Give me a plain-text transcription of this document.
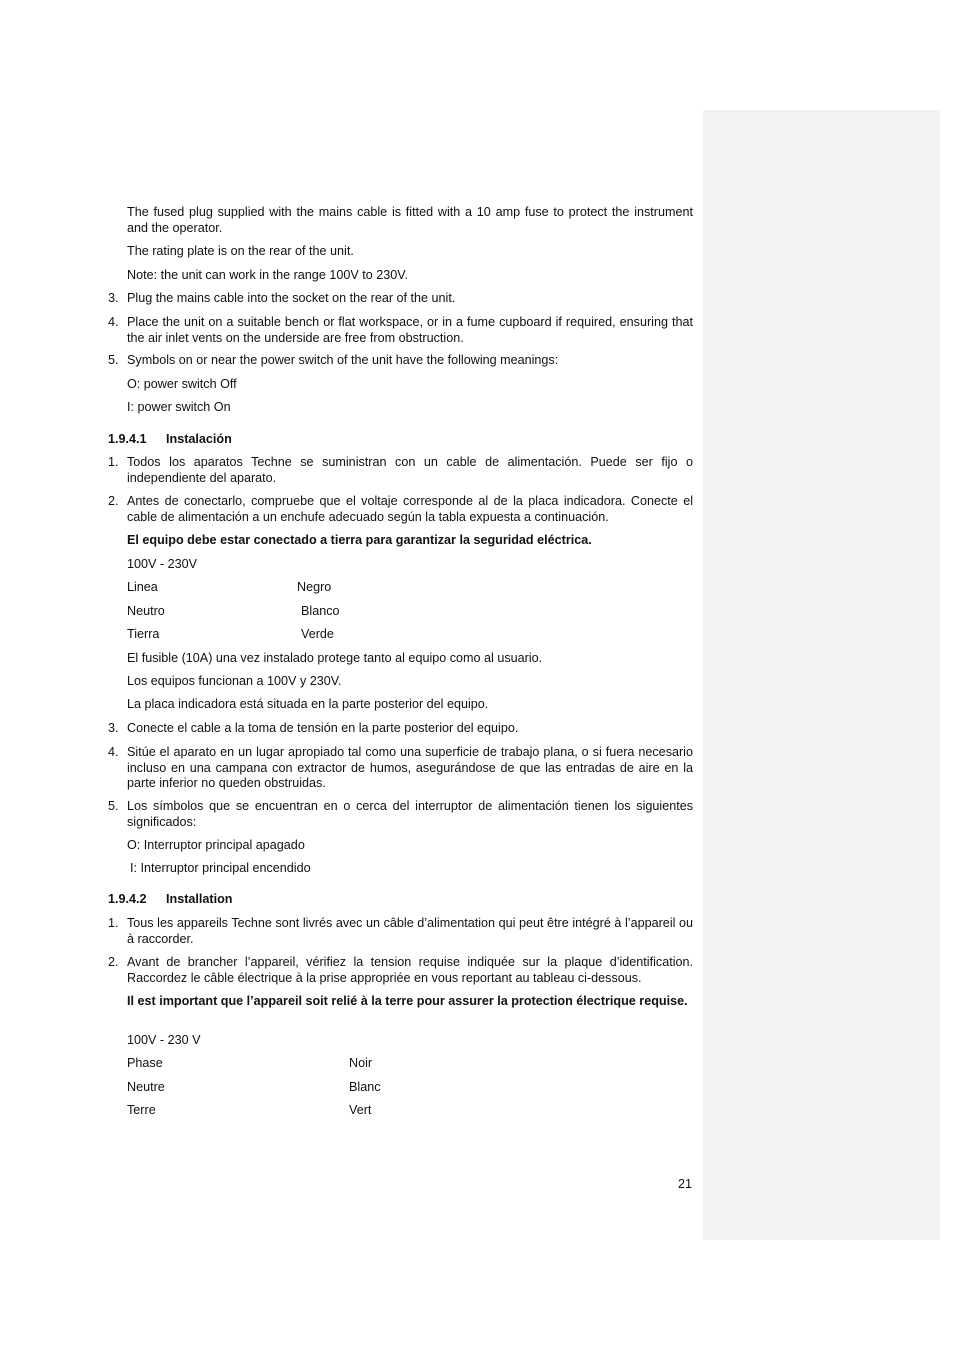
The fused plug supplied with the mains cable is fitted with a 10 amp fuse to protect the instrument and the operator.

The rating plate is on the rear of the unit.

Note: the unit can work in the range 100V to 230V.

3. Plug the mains cable into the socket on the rear of the unit.

4. Place the unit on a suitable bench or flat workspace, or in a fume cupboard if required, ensuring that the air inlet vents on the underside are free from obstruction.

5. Symbols on or near the power switch of the unit have the following meanings:

O: power switch Off

I: power switch On

1.9.4.1 Instalación

1. Todos los aparatos Techne se suministran con un cable de alimentación. Puede ser fijo o independiente del aparato.

2. Antes de conectarlo, compruebe que el voltaje corresponde al de la placa indicadora. Conecte el cable de alimentación a un enchufe adecuado según la tabla expuesta a continuación.

El equipo debe estar conectado a tierra para garantizar la seguridad eléctrica.

100V - 230V

Linea	Negro
Neutro	Blanco
Tierra	Verde

El fusible (10A) una vez instalado protege tanto al equipo como al usuario.

Los equipos funcionan a 100V y 230V.

La placa indicadora está situada en la parte posterior del equipo.

3. Conecte el cable a la toma de tensión en la parte posterior del equipo.

4. Sitúe el aparato en un lugar apropiado tal como una superficie de trabajo plana, o si fuera necesario incluso en una campana con extractor de humos, asegurándose de que las entradas de aire en la parte inferior no queden obstruidas.

5. Los símbolos que se encuentran en o cerca del interruptor de alimentación tienen los siguientes significados:

O: Interruptor principal apagado

I: Interruptor principal encendido

1.9.4.2 Installation

1. Tous les appareils Techne sont livrés avec un câble d’alimentation qui peut être intégré à l’appareil ou à raccorder.

2. Avant de brancher l’appareil, vérifiez la tension requise indiquée sur la plaque d’identification. Raccordez le câble électrique à la prise appropriée en vous reportant au tableau ci-dessous.

Il est important que l’appareil soit relié à la terre pour assurer la protection électrique requise.

100V - 230 V

Phase	Noir
Neutre	Blanc
Terre	Vert

21
